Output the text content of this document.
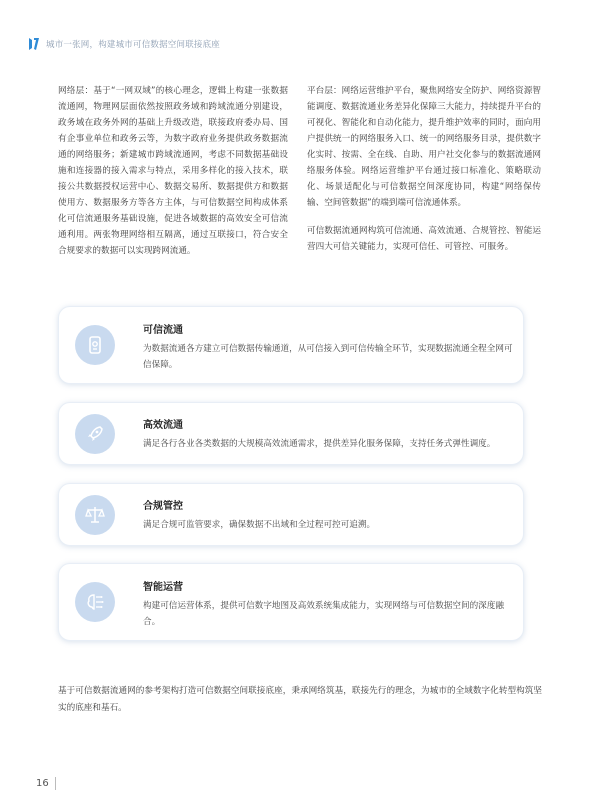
城市一张网，构建城市可信数据空间联接底座

网络层：基于“一网双域”的核心理念，逻辑上构建一张数据流通网，物理网层面依然按照政务域和跨域流通分别建设，政务域在政务外网的基础上升级改造，联接政府委办局、国有企事业单位和政务云等，为数字政府业务提供政务数据流通的网络服务；新建城市跨域流通网，考虑不同数据基础设施和连接器的接入需求与特点，采用多样化的接入技术，联接公共数据授权运营中心、数据交易所、数据提供方和数据使用方、数据服务方等各方主体，与可信数据空间构成体系化可信流通服务基础设施，促进各域数据的高效安全可信流通利用。两张物理网络相互隔离，通过互联接口，符合安全合规要求的数据可以实现跨网流通。

平台层：网络运营维护平台，聚焦网络安全防护、网络资源智能调度、数据流通业务差异化保障三大能力，持续提升平台的可视化、智能化和自动化能力，提升维护效率的同时，面向用户提供统一的网络服务入口、统一的网络服务目录，提供数字化实时、按需、全在线、自助、用户社交化参与的数据流通网络服务体验。网络运营维护平台通过接口标准化、策略联动化、场景适配化与可信数据空间深度协同，构建“网络保传输、空间管数据”的端到端可信流通体系。

可信数据流通网构筑可信流通、高效流通、合规管控、智能运营四大可信关键能力，实现可信任、可管控、可服务。

可信流通
为数据流通各方建立可信数据传输通道，从可信接入到可信传输全环节，实现数据流通全程全网可信保障。
高效流通
满足各行各业各类数据的大规模高效流通需求，提供差异化服务保障，支持任务式弹性调度。
合规管控
满足合规可监管要求，确保数据不出域和全过程可控可追溯。
智能运营
构建可信运营体系，提供可信数字地图及高效系统集成能力，实现网络与可信数据空间的深度融合。

基于可信数据流通网的参考架构打造可信数据空间联接底座，秉承网络筑基，联接先行的理念，为城市的全域数字化转型构筑坚实的底座和基石。

16
